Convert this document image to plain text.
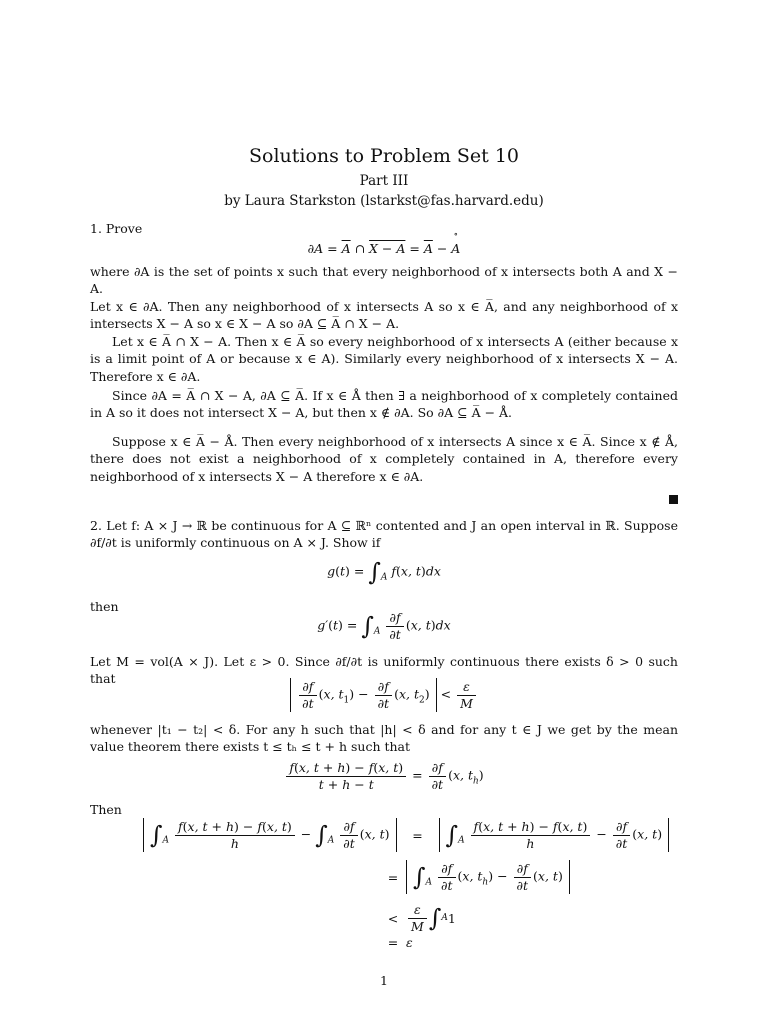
Solutions to Problem Set 10
Part III
by Laura Starkston (lstarkst@fas.harvard.edu)

1. Prove

$\partial A = \overline{A}$ ∩ $X - A = \overline{A}$ − ∘ A

where ∂A is the set of points x such that every neighborhood of x intersects both A and X − A.

Let x ∈ ∂A. Then any neighborhood of x intersects A so x ∈ A̅, and any neighborhood of x intersects X − A so x ∈ X − A so ∂A ⊆ A̅ ∩ X − A.

Let x ∈ A̅ ∩ X − A. Then x ∈ A̅ so every neighborhood of x intersects A (either because x is a limit point of A or because x ∈ A). Similarly every neighborhood of x intersects X − A. Therefore x ∈ ∂A.

Since ∂A = A̅ ∩ X − A, ∂A ⊆ A̅. If x ∈ Å then ∃ a neighborhood of x completely contained in A so it does not intersect X − A, but then x ∉ ∂A. So ∂A ⊆ A̅ − Å.

Suppose x ∈ A̅ − Å. Then every neighborhood of x intersects A since x ∈ A̅. Since x ∉ Å, there does not exist a neighborhood of x completely contained in A, therefore every neighborhood of x intersects X − A therefore x ∈ ∂A.

2. Let f: A × J → ℝ be continuous for A ⊆ ℝⁿ contented and J an open interval in ℝ. Suppose ∂f/∂t is uniformly continuous on A × J. Show if

$g(t) = \int_A$ f(x, t)dx

then

$g'(t) = \int_A \frac{\partial f}{\partial t} (x$, t)dx

Let M = vol(A × J). Let ε > 0. Since ∂f/∂t is uniformly continuous there exists δ > 0 such that

$\frac{\partial f}{\partial t} (x$, $t_1) - \frac{\partial f}{\partial t} (x$, $t_2) < \frac{\varepsilon}{M}$

whenever |t₁ − t₂| < δ. For any h such that |h| < δ and for any t ∈ J we get by the mean value theorem there exists t ≤ tₕ ≤ t + h such that

$\frac{f(x, t + h) - f(x, t)}{t + h - t} = \frac{\partial f}{\partial t} (x$, $t_h$)

Then

$\int_A \frac{f(x, t + h) - f(x, t)}{h} - \int_A \frac{\partial f}{\partial t} (x$, t)	= $\int_A \frac{f(x, t + h) - f(x, t)}{h} - \frac{\partial f}{\partial t} (x$, t)
= $\int_A \frac{\partial f}{\partial t} (x$, $t_h) - \frac{\partial f}{\partial t} (x$, t)
< $\frac{\varepsilon}{M}$ ∫ A 1
= ε
1
